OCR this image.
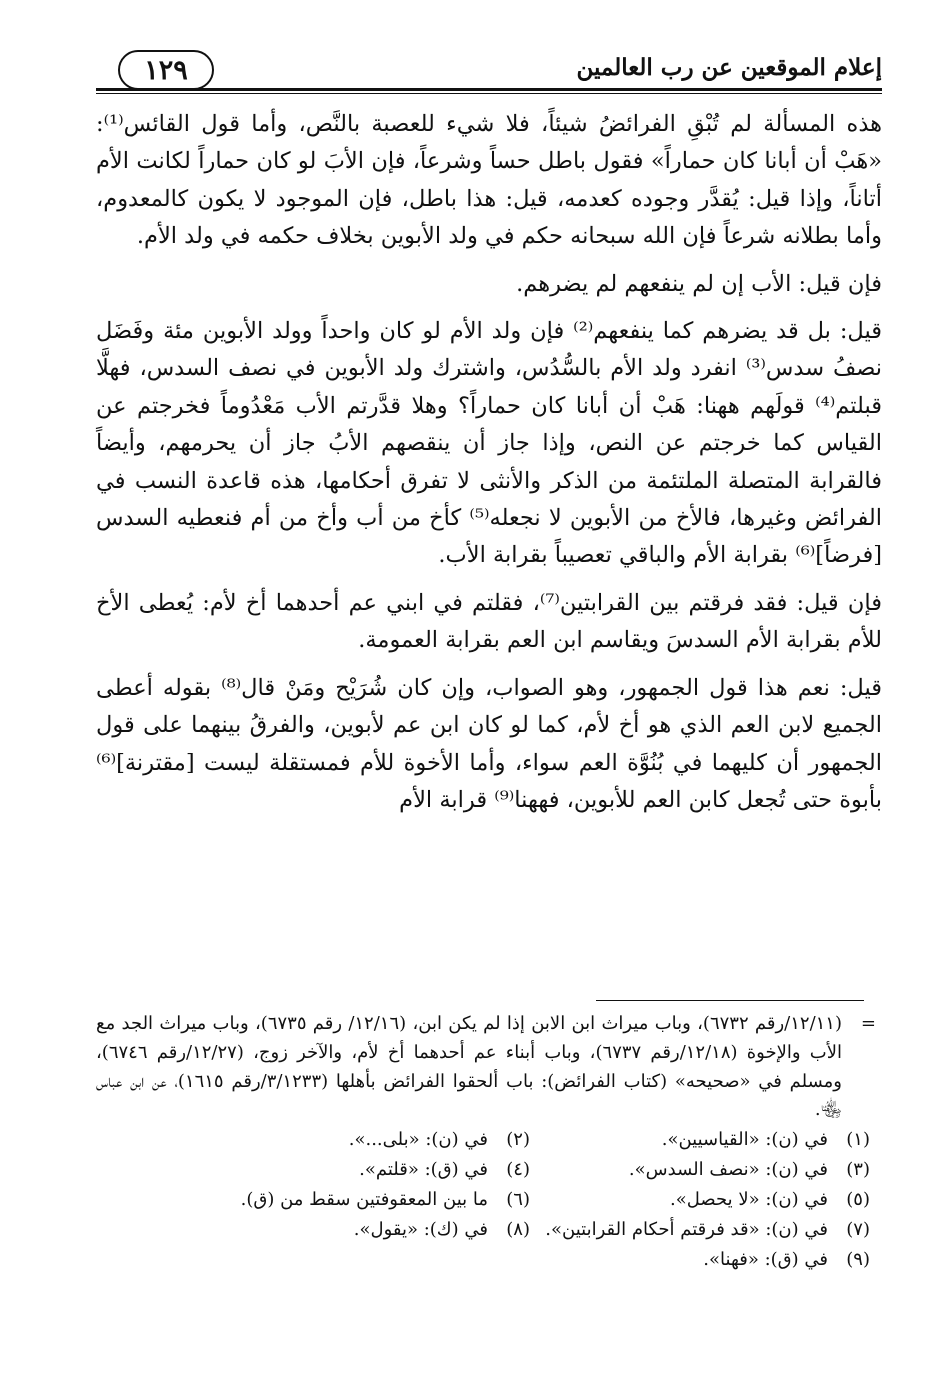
إعلام الموقعين عن رب العالمين
١٢٩

هذه المسألة لم تُبْقِ الفرائضُ شيئاً، فلا شيء للعصبة بالنَّص، وأما قول القائس⁽¹⁾: «هَبْ أن أبانا كان حماراً» فقول باطل حساً وشرعاً، فإن الأبَ لو كان حماراً لكانت الأم أتاناً، وإذا قيل: يُقدَّر وجوده كعدمه، قيل: هذا باطل، فإن الموجود لا يكون كالمعدوم، وأما بطلانه شرعاً فإن الله سبحانه حكم في ولد الأبوين بخلاف حكمه في ولد الأم.

فإن قيل: الأب إن لم ينفعهم لم يضرهم.

قيل: بل قد يضرهم كما ينفعهم⁽²⁾ فإن ولد الأم لو كان واحداً وولد الأبوين مئة وفَضَل نصفُ سدس⁽³⁾ انفرد ولد الأم بالسُّدُس، واشترك ولد الأبوين في نصف السدس، فهلَّا قبلتم⁽⁴⁾ قولَهم ههنا: هَبْ أن أبانا كان حماراً؟ وهلا قدَّرتم الأب مَعْدُوماً فخرجتم عن القياس كما خرجتم عن النص، وإذا جاز أن ينقصهم الأبُ جاز أن يحرمهم، وأيضاً فالقرابة المتصلة الملتئمة من الذكر والأنثى لا تفرق أحكامها، هذه قاعدة النسب في الفرائض وغيرها، فالأخ من الأبوين لا نجعله⁽⁵⁾ كأخ من أب وأخ من أم فنعطيه السدس [فرضاً]⁽⁶⁾ بقرابة الأم والباقي تعصيباً بقرابة الأب.

فإن قيل: فقد فرقتم بين القرابتين⁽⁷⁾، فقلتم في ابني عم أحدهما أخ لأم: يُعطى الأخ للأم بقرابة الأم السدسَ ويقاسم ابن العم بقرابة العمومة.

قيل: نعم هذا قول الجمهور، وهو الصواب، وإن كان شُرَيْح ومَنْ قال⁽⁸⁾ بقوله أعطى الجميع لابن العم الذي هو أخ لأم، كما لو كان ابن عم لأبوين، والفرقُ بينهما على قول الجمهور أن كليهما في بُنُوَّة العم سواء، وأما الأخوة للأم فمستقلة ليست [مقترنة]⁽⁶⁾ بأبوة حتى تُجعل كابن العم للأبوين، فههنا⁽⁹⁾ قرابة الأم

=
(١٢/١١/رقم ٦٧٣٢)، وباب ميراث ابن الابن إذا لم يكن ابن، (١٢/١٦/ رقم ٦٧٣٥)، وباب ميراث الجد مع الأب والإخوة (١٢/١٨/رقم ٦٧٣٧)، وباب أبناء عم أحدهما أخ لأم، والآخر زوج، (١٢/٢٧/رقم ٦٧٤٦)، ومسلم في «صحيحه» (كتاب الفرائض): باب ألحقوا الفرائض بأهلها (٣/١٢٣٣/رقم ١٦١٥)، عن ابن عباس ﵄.

(١)
في (ن): «القياسيين».
(٢)
في (ن): «بلى...».
(٣)
في (ن): «نصف السدس».
(٤)
في (ق): «قلتم».
(٥)
في (ن): «لا يحصل».
(٦)
ما بين المعقوفتين سقط من (ق).
(٧)
في (ن): «قد فرقتم أحكام القرابتين».
(٨)
في (ك): «يقول».
(٩)
في (ق): «فهنا».
